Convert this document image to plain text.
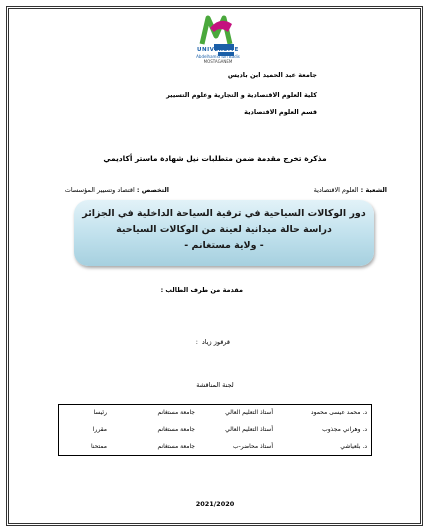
UNIVERSITE
Abdelhamid Ibn Badis
MOSTAGANEM
جامعة عبد الحميد ابن باديس
كلية العلوم الاقتصادية و التجارية وعلوم التسيير
قسم العلوم الاقتصادية
مذكرة تخرج مقدمة ضمن متطلبات نيل شهادة ماستر أكاديمي
الشعبة : العلوم الاقتصادية
التخصص : اقتصاد وتسيير المؤسسات
دور الوكالات السياحية في ترقية السياحة الداخلية في الجزائر
دراسة حالة ميدانية لعينة من الوكالات السياحية
- ولاية مستغانم -
مقدمة من طرف الطالب :
: قرقوز زياد
لجنة المناقشة
د. محمد عيسى محمود
أستاذ التعليم العالي
جامعة مستغانم
رئيسا
د. وهراني مجذوب
أستاذ التعليم العالي
جامعة مستغانم
مقررا
د. بلعياشي
أستاذ محاضر-ب
جامعة مستغانم
ممتحنا
2021/2020
